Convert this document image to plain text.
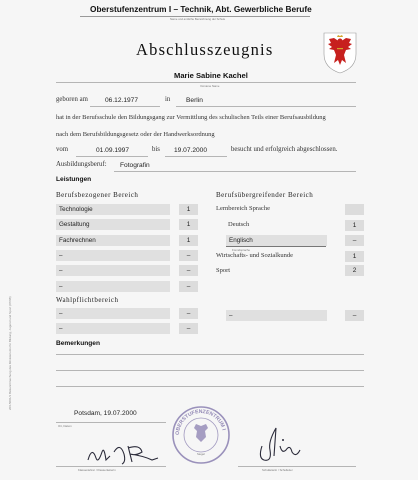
Oberstufenzentrum I – Technik, Abt. Gewerbliche Berufe
Name und amtliche Bezeichnung der Schule
Abschlusszeugnis
Marie Sabine Kachel
Vorname Name
geboren am	06.12.1977	in Berlin
hat in der Berufsschule den Bildungsgang zur Vermittlung des schulischen Teils einer Berufsausbildung
nach dem Berufsbildungsgesetz oder der Handwerksordnung
vom	01.09.1997	bis 19.07.2000	besucht und erfolgreich abgeschlossen.
Ausbildungsberuf: Fotografin
Leistungen
Berufsbezogener Bereich	Berufsübergreifender Bereich
Technologie	1
Gestaltung	1
Fachrechnen	1
–	–
–	–
–	–
Lernbereich Sprache
Deutsch	1
Englisch	–
Fremdsprache
Wirtschafts- und Sozialkunde	1
Sport	2
Wahlpflichtbereich
–	–
–	–
–	–
Bemerkungen
206-5001/1 Bekanntmachung des Ministeriums für Bildung, Jugend und Sport (07/98)
Potsdam, 19.07.2000
Ort, Datum
OBERSTUFENZENTRUM I
Siegel
Klassenlehrer / Klassenleiterin	Schulleiterin / Schulleiter
